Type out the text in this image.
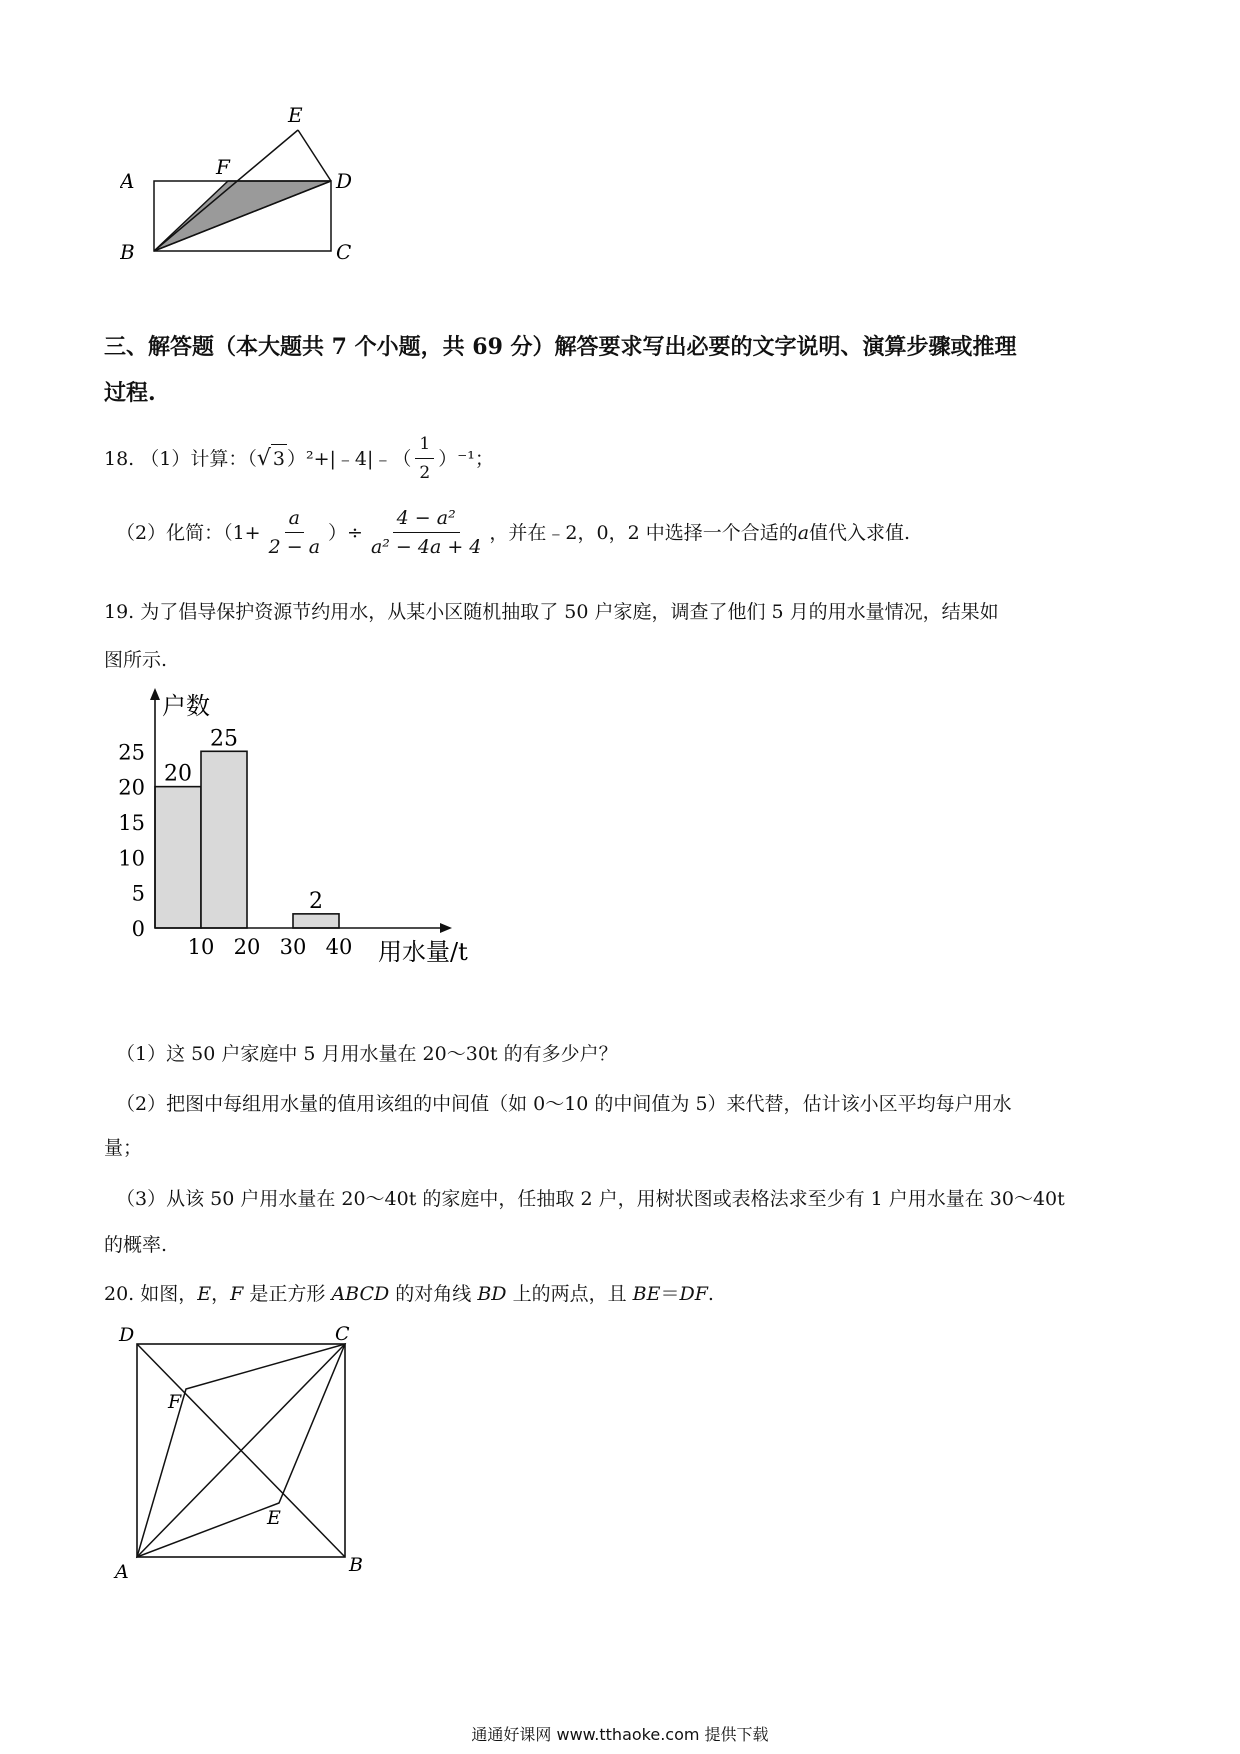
A
B	C
D
E
F
三、解答题（本大题共 7 个小题，共 69 分）解答要求写出必要的文字说明、演算步骤或推理
过程.
18. （1）计算：（ √ 3 ）²+|﹣4|﹣（ $\frac{1}{2} )^{-1}$；
（2）化简：（$1+ \frac{a}{2 - a}$ ）÷ $\frac{\text{4 − a²}}{\text{a² − 4a + 4}}$ ，并在﹣2，0，2 中选择一个合适的 a 值代入求值.
19. 为了倡导保护资源节约用水，从某小区随机抽取了 50 户家庭，调查了他们 5 月的用水量情况，结果如
图所示.
20
25
2
0
5
10
15
20
25
10 20 30 40
户数
用水量/t
（1）这 50 户家庭中 5 月用水量在 20～30t 的有多少户？
（2）把图中每组用水量的值用该组的中间值（如 0～10 的中间值为 5）来代替，估计该小区平均每户用水
量；
（3）从该 50 户用水量在 20～40t 的家庭中，任抽取 2 户，用树状图或表格法求至少有 1 户用水量在 30～40t
的概率.
20. 如图，E，F 是正方形 ABCD 的对角线 BD 上的两点，且 BE＝DF.
D	C
F
E
A	B
通通好课网 www.tthaoke.com 提供下载
